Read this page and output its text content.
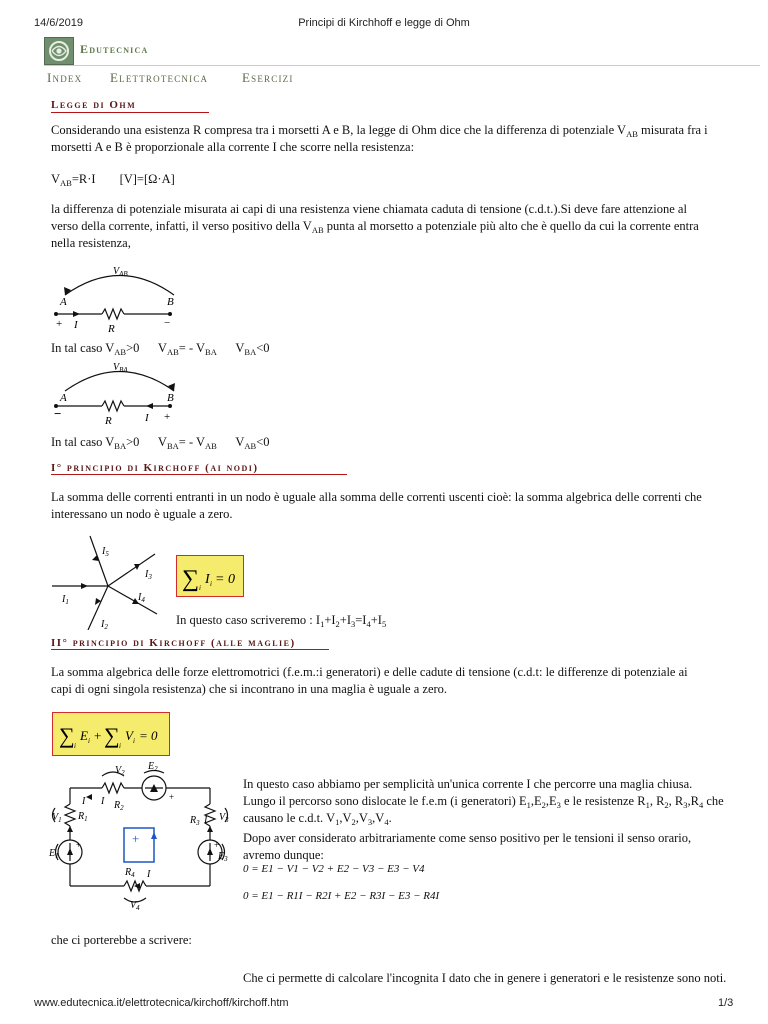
14/6/2019	Principi di Kirchhoff e legge di Ohm
Edutecnica
Index Elettrotecnica	Esercizi
Legge di Ohm

Considerando una esistenza R compresa tra i morsetti A e B, la legge di Ohm dice che la differenza di potenziale $V_{AB}$ misurata fra i morsetti A e B è proporzionale alla corrente I che scorre nella resistenza:

$V_{AB}=R\cdot I$ [V]=[Ω·A]

la differenza di potenziale misurata ai capi di una resistenza viene chiamata caduta di tensione (c.d.t.).Si deve fare attenzione al verso della corrente, infatti, il verso positivo della $V_{AB}$ punta al morsetto a potenziale più alto che è quello da cui la corrente entra nella resistenza,

$V_{AB}$
A	B
+ I	R	−
In tal caso $V_{AB}>0$      $V_{AB}= - V_{BA}$      $V_{BA}<0$
$V_{BA}$
A	B
−	R	I +
In tal caso $V_{BA}>0$      $V_{BA}= - V_{AB}$      $V_{AB}<0$
I° principio di Kirchoff (ai nodi)

La somma delle correnti entranti in un nodo è uguale alla somma delle correnti uscenti cioè: la somma algebrica delle correnti che interessano un nodo è uguale a zero.

$I_5$
$I_3$
$I_4$
$I_1$
$I_2$
∑ i
I i = 0
In questo caso scriveremo : $I_1+I_2+I_3=I_4+I_5$
II° principio di Kirchoff (alle maglie)

La somma algebrica delle forze elettromotrici (f.e.m.:i generatori) e delle cadute di tensione (c.d.t: le differenze di potenziale ai capi di ogni singola resistenza) che si incontrano in una maglia è uguale a zero.

∑ i
E i + ∑ i
V i = 0
+
+	+
+
$V_2$
$E_2$
$R_2$
I
I
$R_1$
$V_1$
$E_1$
$R_3$ I $V_3$
$E_3$
$R_4$ I
$V_4$

In questo caso abbiamo per semplicità un'unica corrente I che percorre una maglia chiusa. Lungo il percorso sono dislocate le f.e.m (i generatori) $E_1,E_2,E_3$ e le resistenze $R_1$, $R_2$, $R_3,R_4$ che causano le c.d.t. $V_1,V_2,V_3,V_4$.

Dopo aver considerato arbitrariamente come senso positivo per le tensioni il senso orario, avremo dunque:

0 = E1 − V1 − V2 + E2 − V3 − E3 − V4
0 = E1 − R1I − R2I + E2 − R3I − E3 − R4I

che ci porterebbe a scrivere:

Che ci permette di calcolare l'incognita I dato che in genere i generatori e le resistenze sono noti.

www.edutecnica.it/elettrotecnica/kirchoff/kirchoff.htm	1/3
